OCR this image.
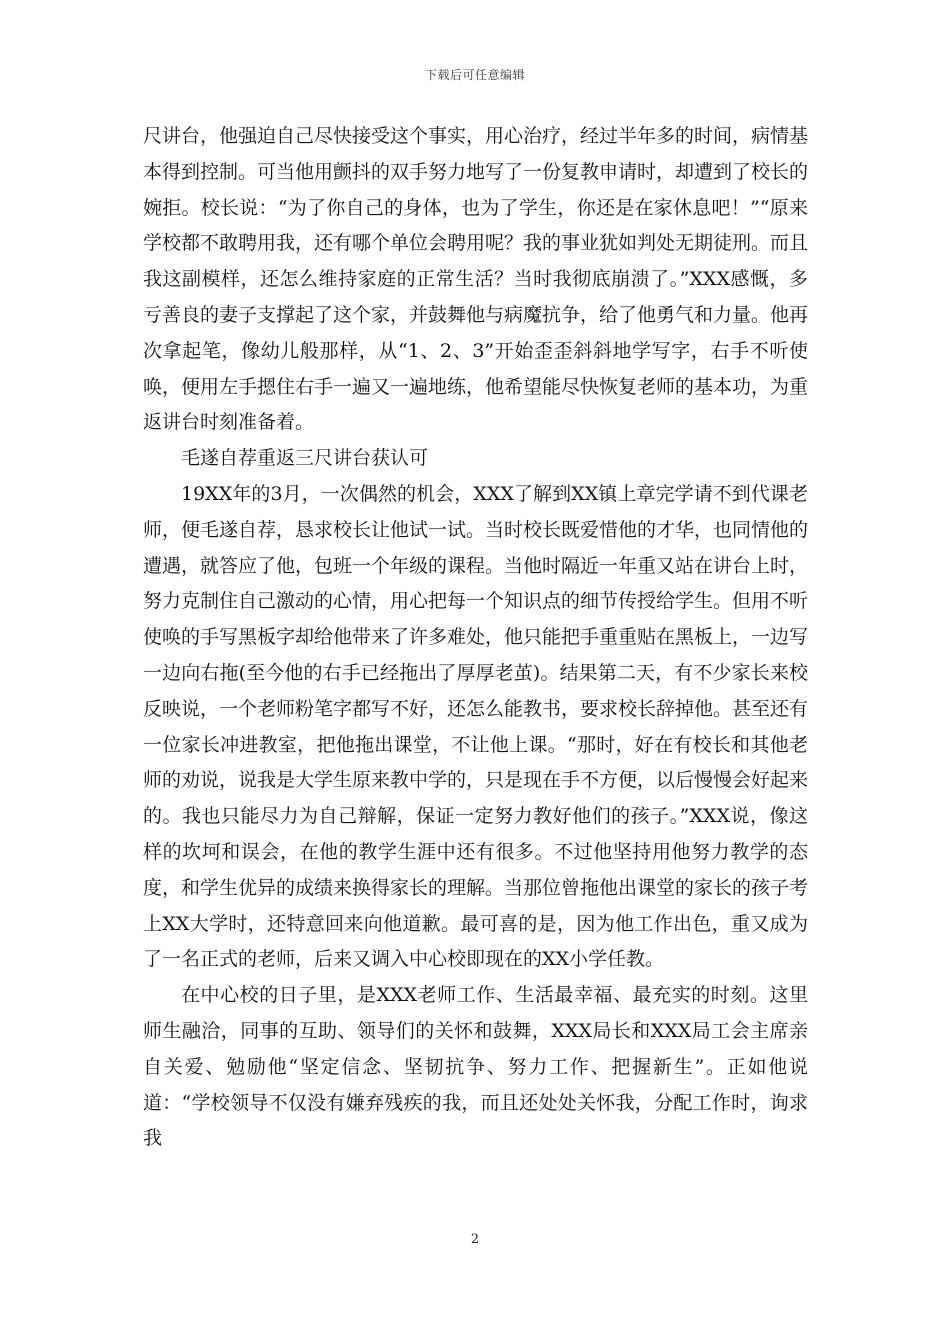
下载后可任意编辑

尺讲台，他强迫自己尽快接受这个事实，用心治疗，经过半年多的时间，病情基本得到控制。可当他用颤抖的双手努力地写了一份复教申请时，却遭到了校长的婉拒。校长说：“为了你自己的身体，也为了学生，你还是在家休息吧！”“原来学校都不敢聘用我，还有哪个单位会聘用呢？我的事业犹如判处无期徒刑。而且我这副模样，还怎么维持家庭的正常生活？当时我彻底崩溃了。”XXX感慨，多亏善良的妻子支撑起了这个家，并鼓舞他与病魔抗争，给了他勇气和力量。他再次拿起笔，像幼儿般那样，从“1、2、3”开始歪歪斜斜地学写字，右手不听使唤，便用左手摁住右手一遍又一遍地练，他希望能尽快恢复老师的基本功，为重返讲台时刻准备着。

毛遂自荐重返三尺讲台获认可

19XX年的3月，一次偶然的机会，XXX了解到XX镇上章完学请不到代课老师，便毛遂自荐，恳求校长让他试一试。当时校长既爱惜他的才华，也同情他的遭遇，就答应了他，包班一个年级的课程。当他时隔近一年重又站在讲台上时，努力克制住自己激动的心情，用心把每一个知识点的细节传授给学生。但用不听使唤的手写黑板字却给他带来了许多难处，他只能把手重重贴在黑板上，一边写一边向右拖(至今他的右手已经拖出了厚厚老茧)。结果第二天，有不少家长来校反映说，一个老师粉笔字都写不好，还怎么能教书，要求校长辞掉他。甚至还有一位家长冲进教室，把他拖出课堂，不让他上课。“那时，好在有校长和其他老师的劝说，说我是大学生原来教中学的，只是现在手不方便，以后慢慢会好起来的。我也只能尽力为自己辩解，保证一定努力教好他们的孩子。”XXX说，像这样的坎坷和误会，在他的教学生涯中还有很多。不过他坚持用他努力教学的态度，和学生优异的成绩来换得家长的理解。当那位曾拖他出课堂的家长的孩子考上XX大学时，还特意回来向他道歉。最可喜的是，因为他工作出色，重又成为了一名正式的老师，后来又调入中心校即现在的XX小学任教。

在中心校的日子里，是XXX老师工作、生活最幸福、最充实的时刻。这里师生融洽，同事的互助、领导们的关怀和鼓舞，XXX局长和XXX局工会主席亲自关爱、勉励他“坚定信念、坚韧抗争、努力工作、把握新生”。正如他说道：“学校领导不仅没有嫌弃残疾的我，而且还处处关怀我，分配工作时，询求我

2
